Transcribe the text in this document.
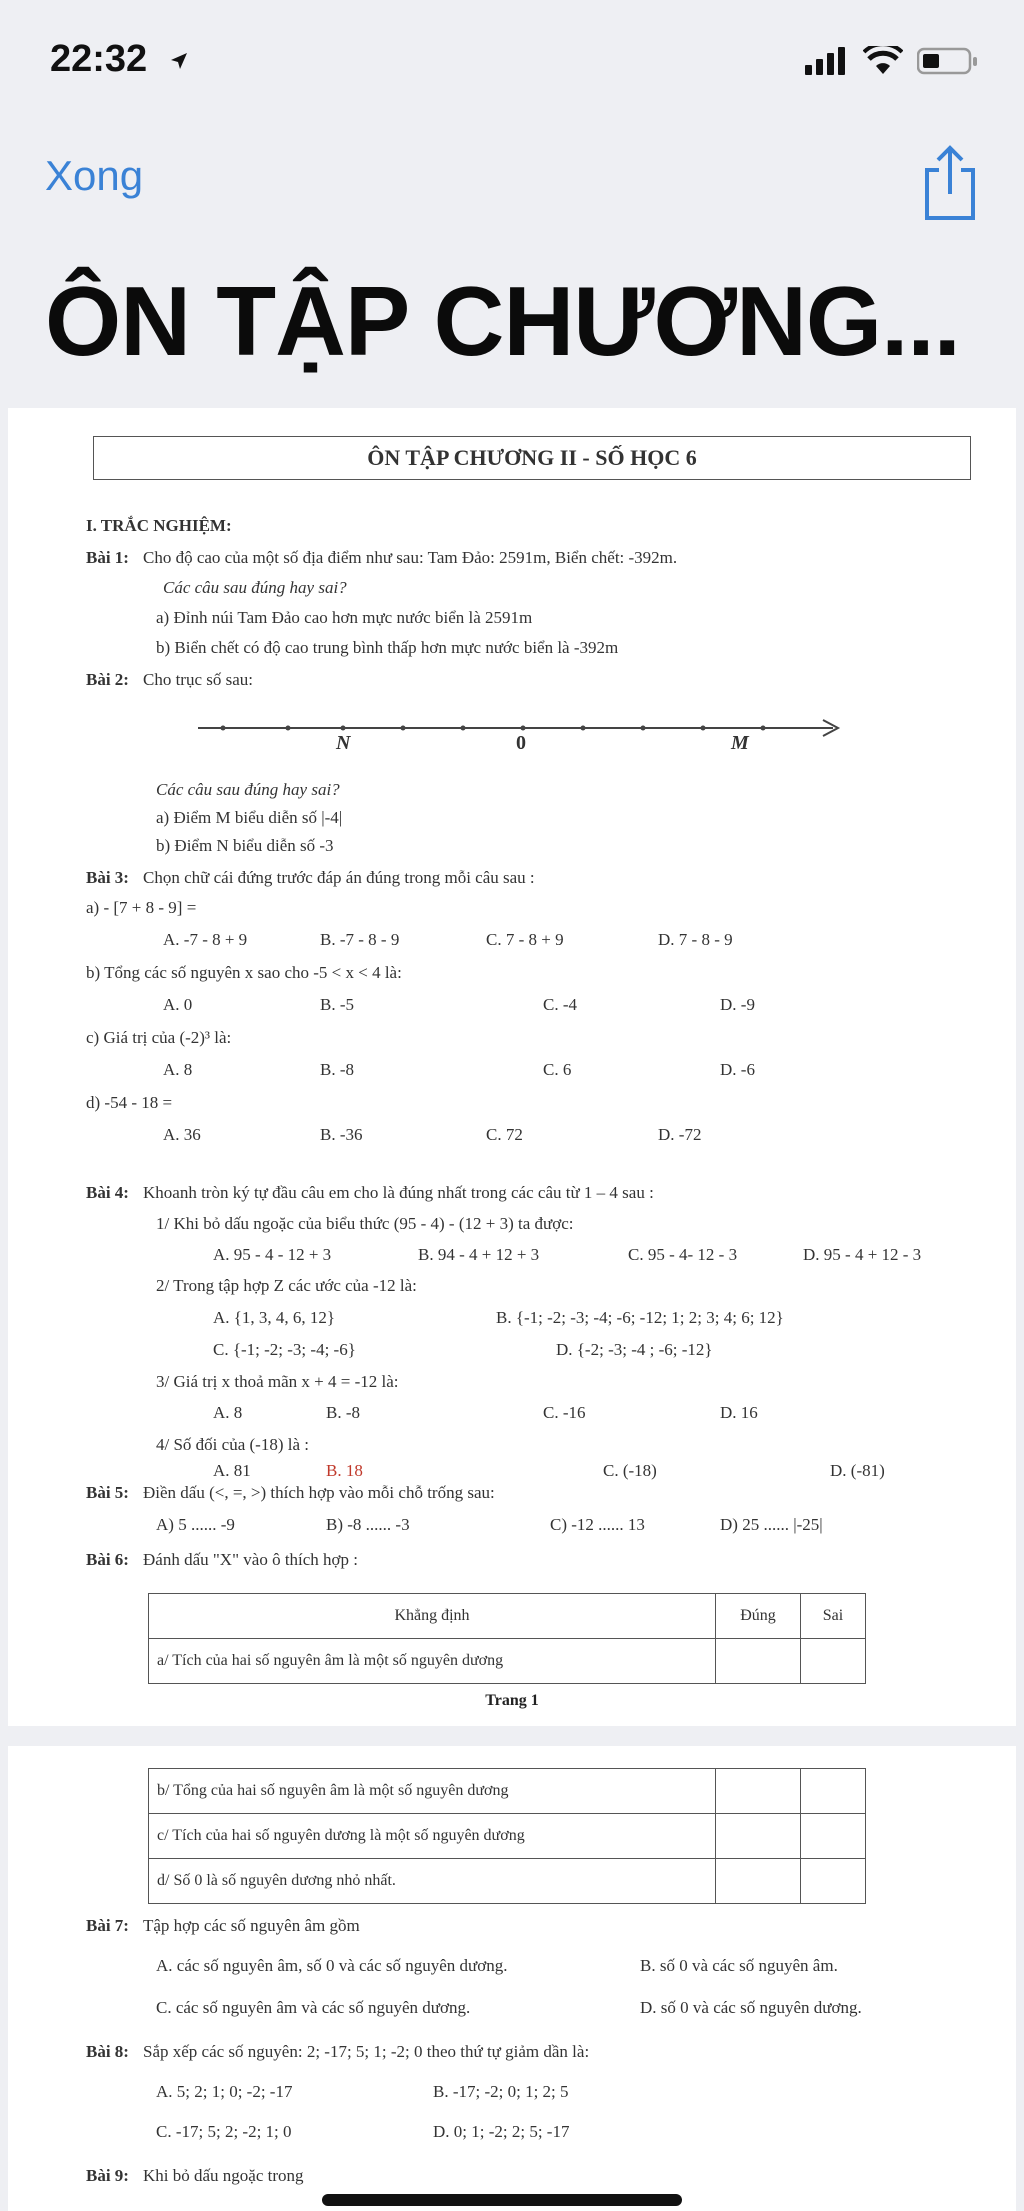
22:32
Xong
ÔN TẬP CHƯƠNG...
ÔN TẬP CHƯƠNG II - SỐ HỌC 6
I. TRẮC NGHIỆM:
Bài 1: Cho độ cao của một số địa điểm như sau: Tam Đảo: 2591m, Biển chết: -392m.
Các câu sau đúng hay sai?
a) Đỉnh núi Tam Đảo cao hơn mực nước biển là 2591m
b) Biển chết có độ cao trung bình thấp hơn mực nước biển là -392m
Bài 2: Cho trục số sau:
N	0	M
Các câu sau đúng hay sai?
a) Điểm M biểu diễn số |-4|
b) Điểm N biểu diễn số -3
Bài 3: Chọn chữ cái đứng trước đáp án đúng trong mỗi câu sau :
a) - [7 + 8 - 9] =
A. -7 - 8 + 9	B. -7 - 8 - 9	C. 7 - 8 + 9	D. 7 - 8 - 9
b) Tổng các số nguyên x sao cho -5 < x < 4 là:
A. 0	B. -5	C. -4	D. -9
c) Giá trị của (-2)³ là:
A. 8	B. -8	C. 6	D. -6
d) -54 - 18 =
A. 36	B. -36	C. 72	D. -72
Bài 4: Khoanh tròn ký tự đầu câu em cho là đúng nhất trong các câu từ 1 – 4 sau :
1/ Khi bỏ dấu ngoặc của biểu thức (95 - 4) - (12 + 3) ta được:
A. 95 - 4 - 12 + 3	B. 94 - 4 + 12 + 3	C. 95 - 4- 12 - 3	D. 95 - 4 + 12 - 3
2/ Trong tập hợp Z các ước của -12 là:
A. {1, 3, 4, 6, 12}	B. {-1; -2; -3; -4; -6; -12; 1; 2; 3; 4; 6; 12}
C. {-1; -2; -3; -4; -6}	D. {-2; -3; -4 ; -6; -12}
3/ Giá trị x thoả mãn x + 4 = -12 là:
A. 8	B. -8	C. -16	D. 16
4/ Số đối của (-18) là :
A. 81	B. 18	C. (-18)	D. (-81)
Bài 5: Điền dấu (<, =, >) thích hợp vào mỗi chỗ trống sau:
A) 5 ...... -9	B) -8 ...... -3	C) -12 ...... 13	D) 25 ...... |-25|
Bài 6: Đánh dấu "X" vào ô thích hợp :
Khẳng định	Đúng	Sai
a/ Tích của hai số nguyên âm là một số nguyên dương		
Trang 1
b/ Tổng của hai số nguyên âm là một số nguyên dương		
c/ Tích của hai số nguyên dương là một số nguyên dương		
d/ Số 0 là số nguyên dương nhỏ nhất.		
Bài 7: Tập hợp các số nguyên âm gồm
A. các số nguyên âm, số 0 và các số nguyên dương.	B. số 0 và các số nguyên âm.
C. các số nguyên âm và các số nguyên dương.	D. số 0 và các số nguyên dương.
Bài 8: Sắp xếp các số nguyên: 2; -17; 5; 1; -2; 0 theo thứ tự giảm dần là:
A. 5; 2; 1; 0; -2; -17	B. -17; -2; 0; 1; 2; 5
C. -17; 5; 2; -2; 1; 0	D. 0; 1; -2; 2; 5; -17
Bài 9: Khi bỏ dấu ngoặc trong
